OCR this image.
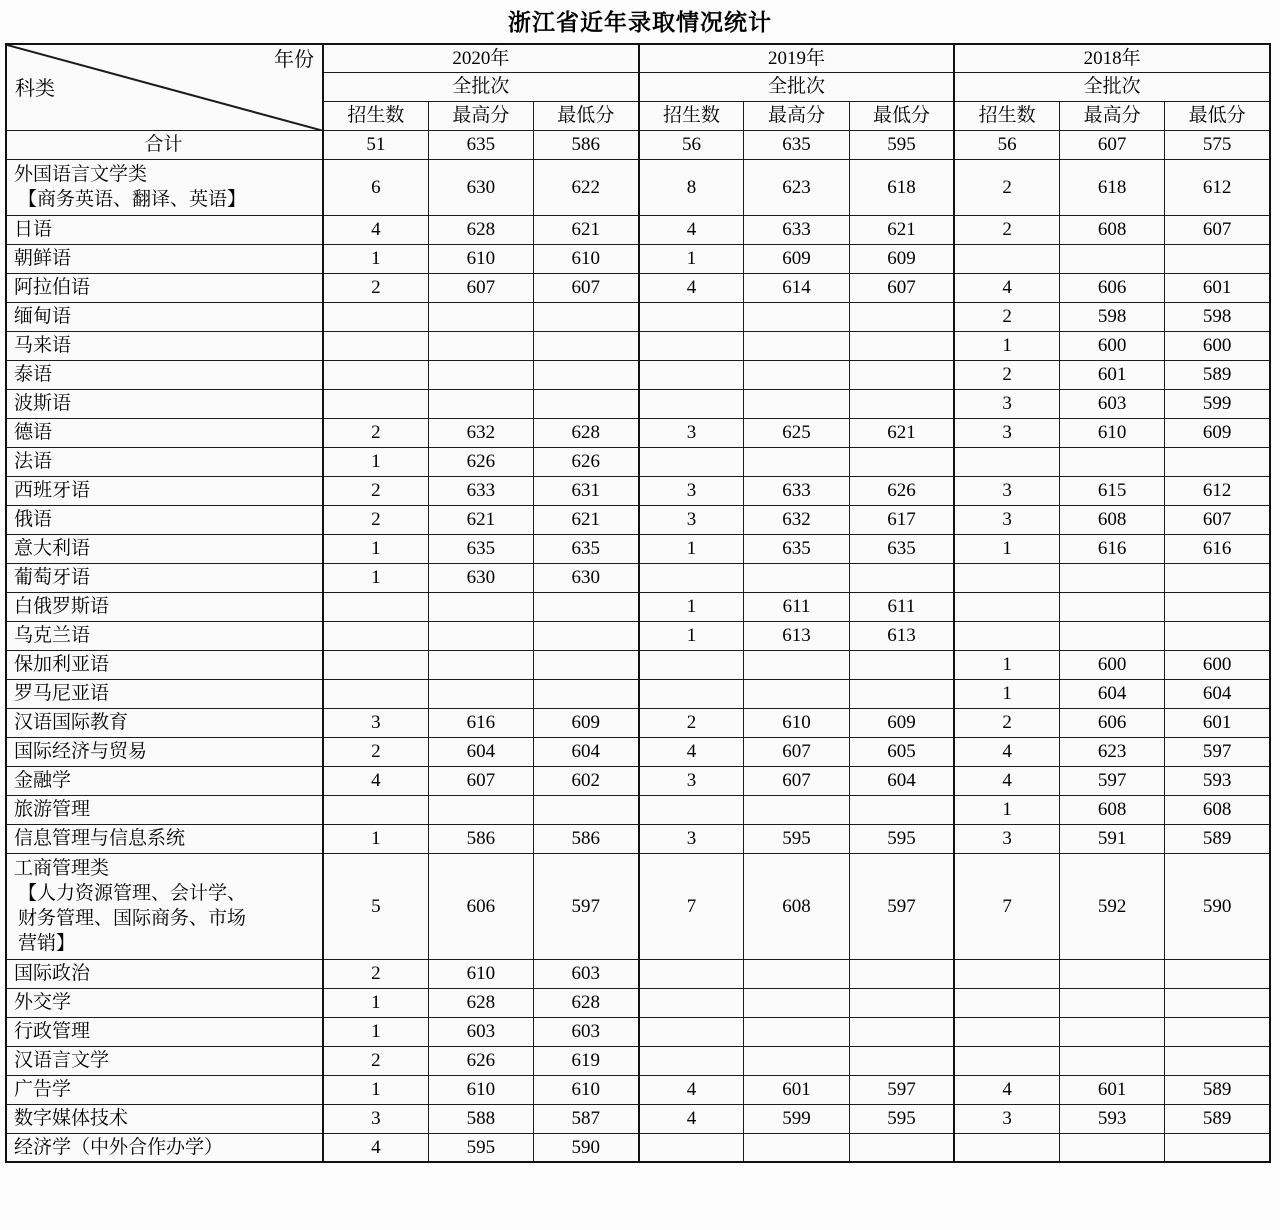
浙江省近年录取情况统计

年份

科类	2020年			2019年			2018年		
	全批次			全批次			全批次		
	招生数	最高分	最低分	招生数	最高分	最低分	招生数	最高分	最低分

合计	51	635	586	56	635	595	56	607	575

外国语言文学类
【商务英语、翻译、英语】	6	630	622	8	623	618	2	618	612

日语	4	628	621	4	633	621	2	608	607

朝鲜语	1	610	610	1	609	609			

阿拉伯语	2	607	607	4	614	607	4	606	601

缅甸语							2	598	598

马来语							1	600	600

泰语							2	601	589

波斯语							3	603	599

德语	2	632	628	3	625	621	3	610	609

法语	1	626	626						

西班牙语	2	633	631	3	633	626	3	615	612

俄语	2	621	621	3	632	617	3	608	607

意大利语	1	635	635	1	635	635	1	616	616

葡萄牙语	1	630	630						

白俄罗斯语				1	611	611			

乌克兰语				1	613	613			

保加利亚语							1	600	600

罗马尼亚语							1	604	604

汉语国际教育	3	616	609	2	610	609	2	606	601

国际经济与贸易	2	604	604	4	607	605	4	623	597

金融学	4	607	602	3	607	604	4	597	593

旅游管理							1	608	608

信息管理与信息系统	1	586	586	3	595	595	3	591	589

工商管理类
【人力资源管理、会计学、
财务管理、国际商务、市场
营销】	5	606	597	7	608	597	7	592	590

国际政治	2	610	603						

外交学	1	628	628						

行政管理	1	603	603						

汉语言文学	2	626	619						

广告学	1	610	610	4	601	597	4	601	589

数字媒体技术	3	588	587	4	599	595	3	593	589

经济学（中外合作办学）	4	595	590						
